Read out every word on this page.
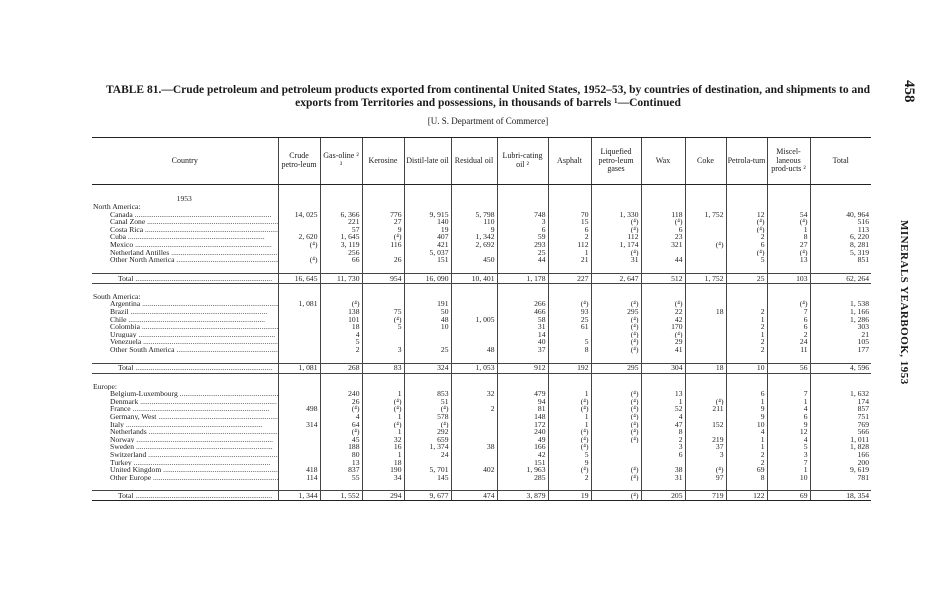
TABLE 81.—Crude petroleum and petroleum products exported from continental United States, 1952–53, by countries of destination, and shipments to and exports from Territories and possessions, in thousands of barrels ¹—Continued
[U. S. Department of Commerce]
458
MINERALS YEARBOOK, 1953
Country	Crude petro-leum	Gas-oline ² ³	Kerosine	Distil-late oil	Residual oil	Lubri-cating oil ²	Asphalt	Liquefied petro-leum gases	Wax	Coke	Petrola-tum	Miscel-laneous prod-ucts ²	Total

1953													
North America:													
Canada .....	14, 025	6, 366	776	9, 915	5, 798	748	70	1, 330	118	1, 752	12	54	40, 964
Canal Zone .....		221	27	140	110	3	15	(⁴)	(⁴)		(⁴)	(⁴)	516
Costa Rica .....		57	9	19	9	6	6	(⁴)	6		(⁴)	1	113
Cuba .....	2, 620	1, 645	(⁴)	407	1, 342	59	2	112	23		2	8	6, 220
Mexico .....	(⁴)	3, 119	116	421	2, 692	293	112	1, 174	321	(⁴)	6	27	8, 281
Netherland Antilles .....		256		5, 037		25	1	(⁴)			(⁴)	(⁴)	5, 319
Other North America .....	(⁴)	66	26	151	450	44	21	31	44		5	13	851

Total .....	16, 645	11, 730	954	16, 090	10, 401	1, 178	227	2, 647	512	1, 752	25	103	62, 264

South America:													
Argentina .....	1, 081	(⁴)		191		266	(⁴)	(⁴)	(⁴)			(⁴)	1, 538
Brazil .....		138	75	50		466	93	295	22	18	2	7	1, 166
Chile .....		101	(⁴)	48	1, 005	58	25	(⁴)	42		1	6	1, 286
Colombia .....		18	5	10		31	61	(⁴)	170		2	6	303
Uruguay .....		4				14		(⁴)	(⁴)		1	2	21
Venezuela .....		5				40	5	(⁴)	29		2	24	105
Other South America .....		2	3	25	48	37	8	(⁴)	41		2	11	177

Total .....	1, 081	268	83	324	1, 053	912	192	295	304	18	10	56	4, 596

Europe:													
Belgium-Luxembourg .....		240	1	853	32	479	1	(⁴)	13		6	7	1, 632
Denmark .....		26	(⁴)	51		94	(⁴)	(⁴)	1	(⁴)	1	1	174
France .....	498	(⁴)	(⁴)	(⁴)	2	81	(⁴)	(⁴)	52	211	9	4	857
Germany, West .....		4	1	578		148	1	(⁴)	4		9	6	751
Italy .....	314	64	(⁴)	(⁴)		172	1	(⁴)	47	152	10	9	769
Netherlands .....		(⁴)	1	292		240	(⁴)	(⁴)	8		4	12	566
Norway .....		45	32	659		49	(⁴)	(⁴)	2	219	1	4	1, 011
Sweden .....		188	16	1, 374	38	166	(⁴)		3	37	1	5	1, 828
Switzerland .....		80	1	24		42	5		6	3	2	3	166
Turkey .....		13	18			151	9				2	7	200
United Kingdom .....	418	837	190	5, 701	402	1, 963	(⁴)	(⁴)	38	(⁴)	69	1	9, 619
Other Europe .....	114	55	34	145		285	2	(⁴)	31	97	8	10	781

Total .....	1, 344	1, 552	294	9, 677	474	3, 879	19	(⁴)	205	719	122	69	18, 354
